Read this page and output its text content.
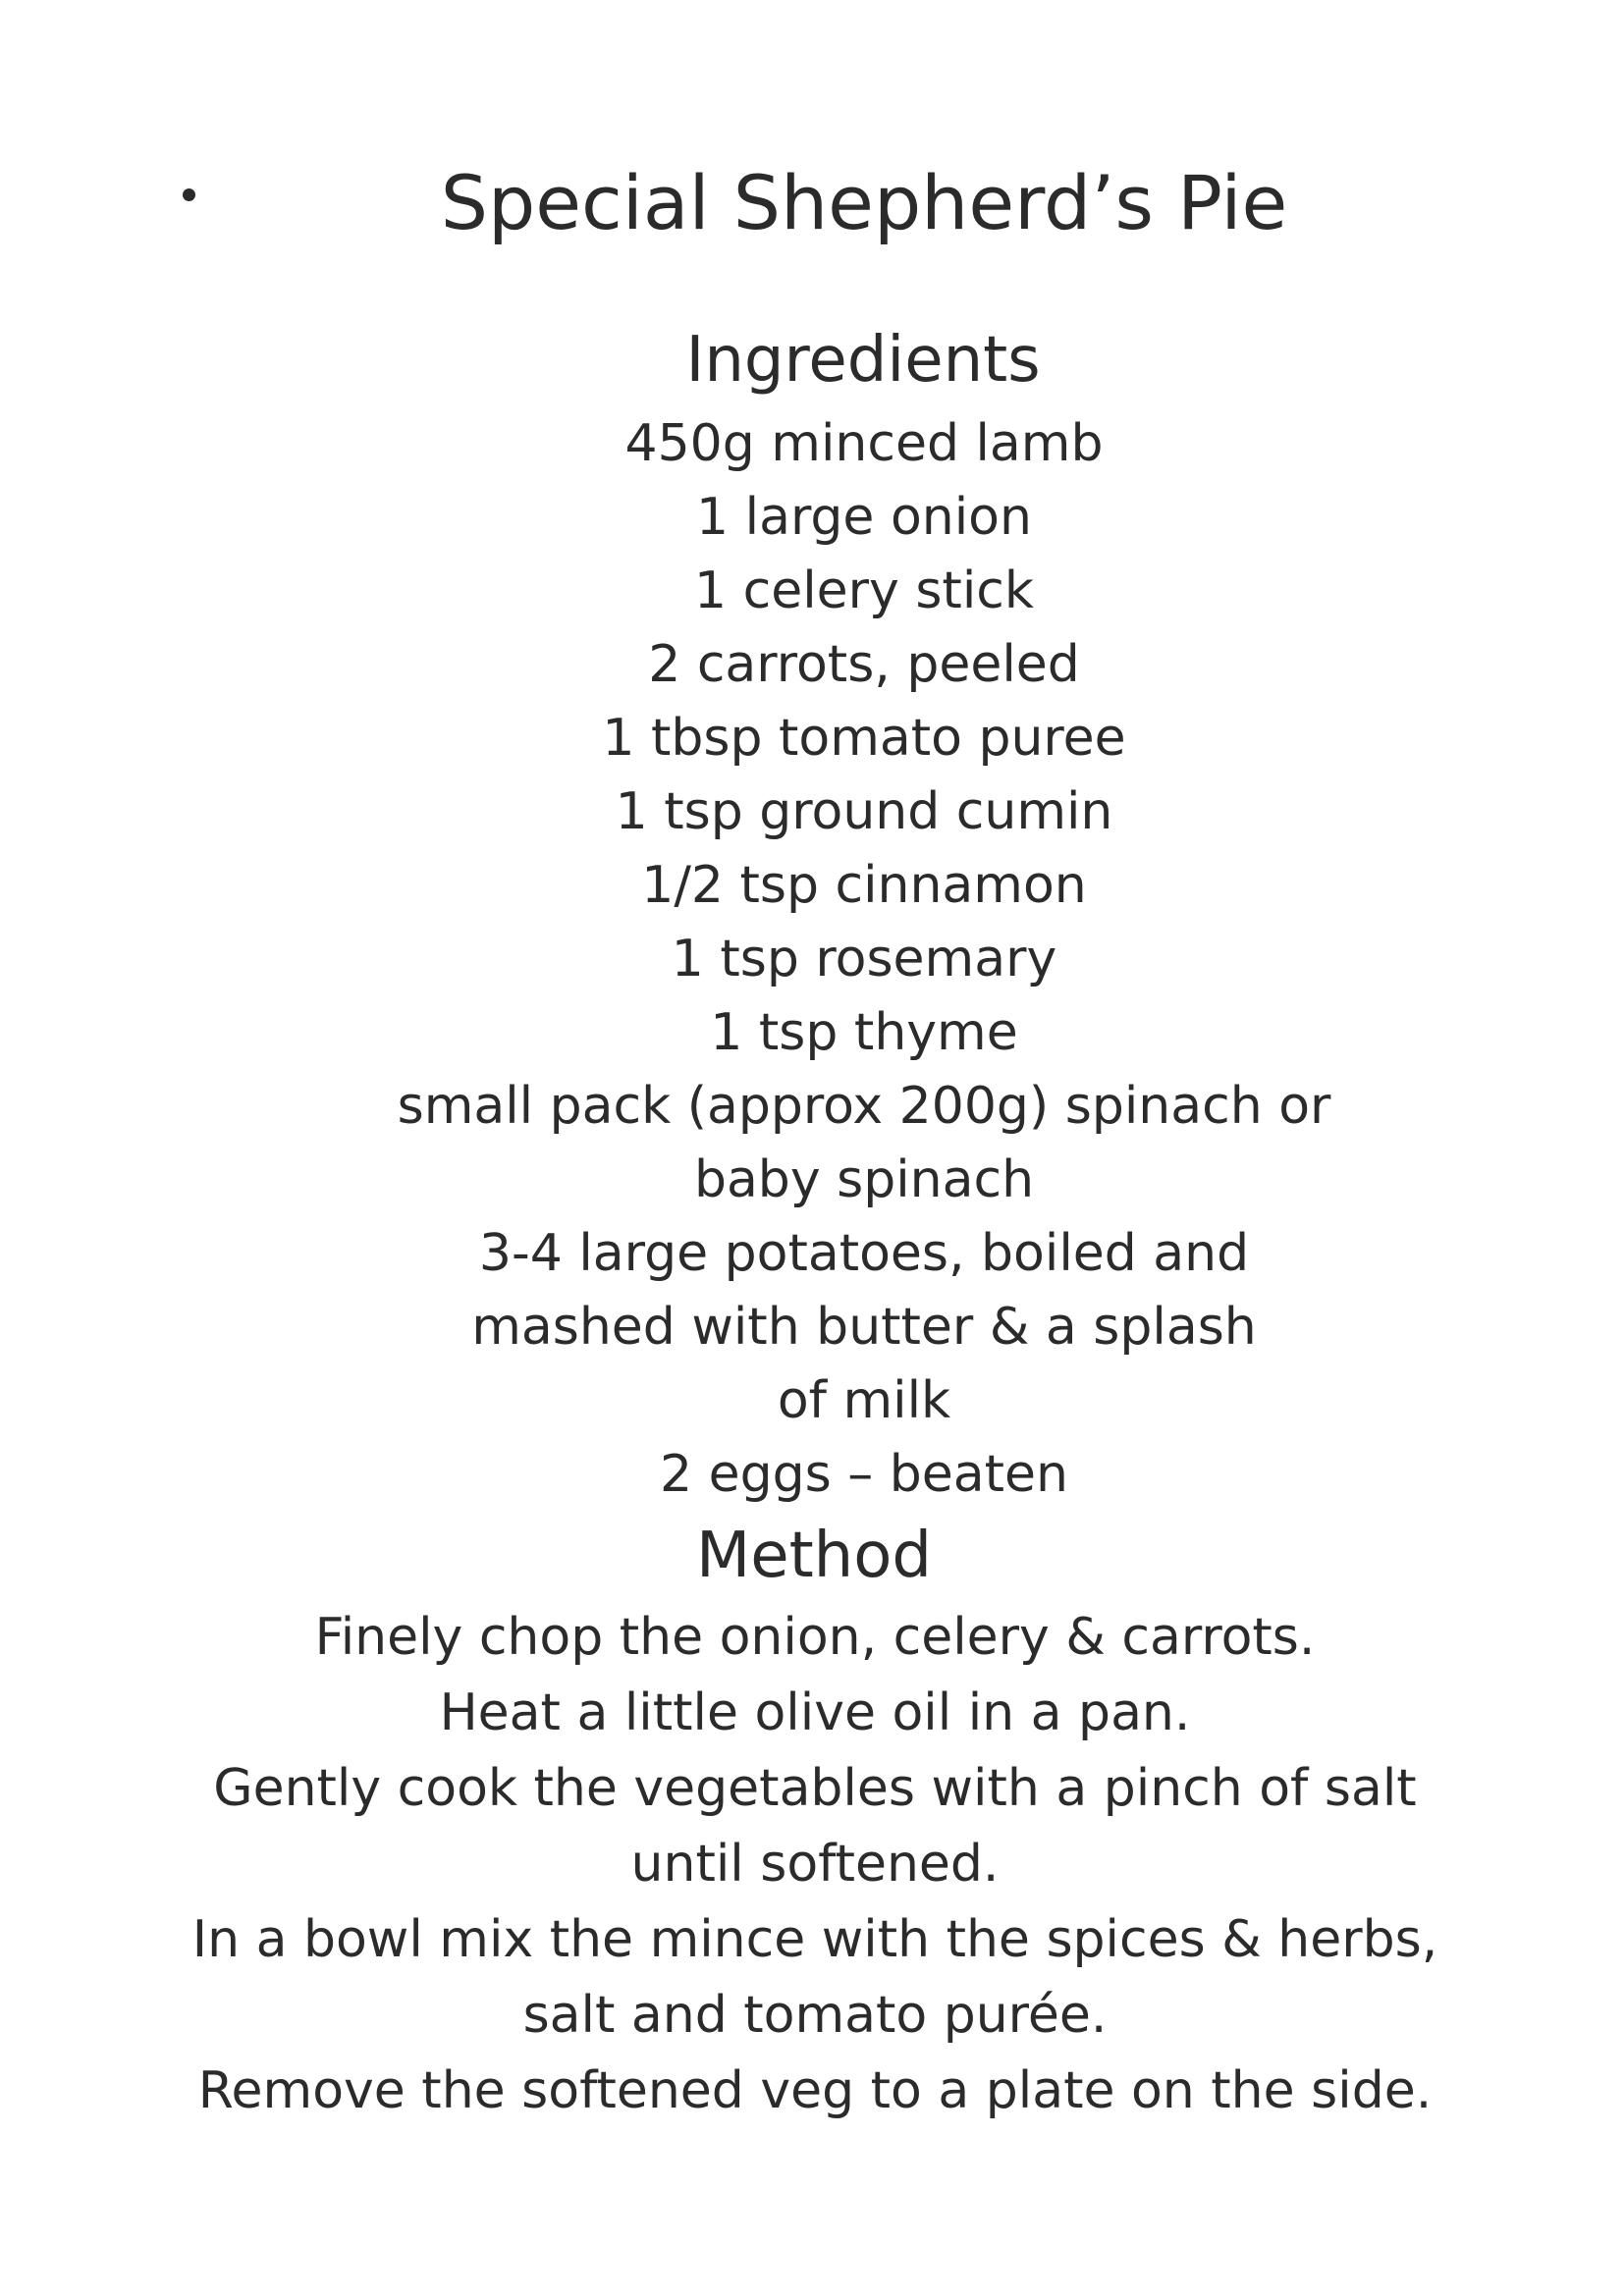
Special Shepherd’s Pie
Ingredients
450g minced lamb
1 large onion
1 celery stick
2 carrots, peeled
1 tbsp tomato puree
1 tsp ground cumin
1/2 tsp cinnamon
1 tsp rosemary
1 tsp thyme
small pack (approx 200g) spinach or baby spinach
3-4 large potatoes, boiled and mashed with butter & a splash of milk
2 eggs – beaten
Method
Finely chop the onion, celery & carrots.
Heat a little olive oil in a pan.
Gently cook the vegetables with a pinch of salt until softened.
In a bowl mix the mince with the spices & herbs, salt and tomato purée.
Remove the softened veg to a plate on the side.
